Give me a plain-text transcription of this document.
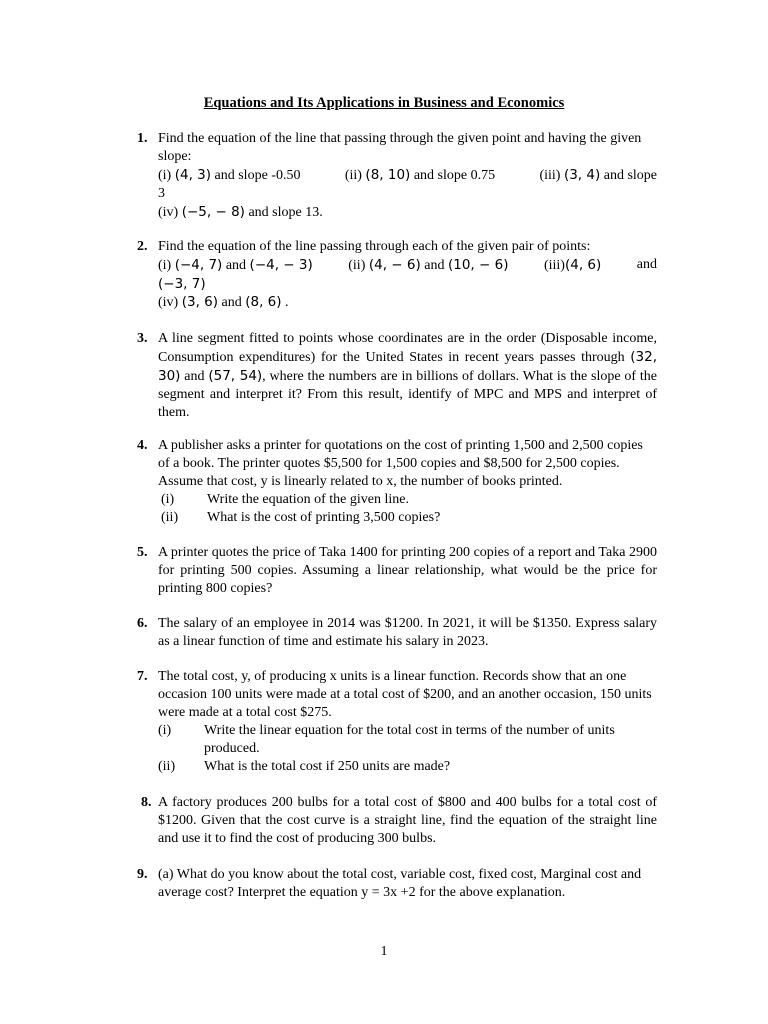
Equations and Its Applications in Business and Economics
1. Find the equation of the line that passing through the given point and having the given slope:
(i) (4, 3) and slope -0.50	(ii) (8, 10) and slope 0.75	(iii) (3, 4) and slope
3
(iv) (−5, − 8) and slope 13.
2. Find the equation of the line passing through each of the given pair of points:
(i) (−4, 7) and (−4, − 3)	(ii) (4, − 6) and (10, − 6)	(iii)(4, 6)	and
(−3, 7)
(iv) (3, 6) and (8, 6) .
3. A line segment fitted to points whose coordinates are in the order (Disposable income, Consumption expenditures) for the United States in recent years passes through (32, 30) and (57, 54), where the numbers are in billions of dollars. What is the slope of the segment and interpret it? From this result, identify of MPC and MPS and interpret of them.
4. A publisher asks a printer for quotations on the cost of printing 1,500 and 2,500 copies of a book. The printer quotes $5,500 for 1,500 copies and $8,500 for 2,500 copies. Assume that cost, y is linearly related to x, the number of books printed.
(i)	Write the equation of the given line.
(ii)	What is the cost of printing 3,500 copies?
5. A printer quotes the price of Taka 1400 for printing 200 copies of a report and Taka 2900 for printing 500 copies. Assuming a linear relationship, what would be the price for printing 800 copies?
6. The salary of an employee in 2014 was $1200. In 2021, it will be $1350. Express salary as a linear function of time and estimate his salary in 2023.
7. The total cost, y, of producing x units is a linear function. Records show that an one occasion 100 units were made at a total cost of $200, and an another occasion, 150 units were made at a total cost $275.
(i)	Write the linear equation for the total cost in terms of the number of units produced.
(ii)	What is the total cost if 250 units are made?
8. A factory produces 200 bulbs for a total cost of $800 and 400 bulbs for a total cost of $1200. Given that the cost curve is a straight line, find the equation of the straight line and use it to find the cost of producing 300 bulbs.
9. (a) What do you know about the total cost, variable cost, fixed cost, Marginal cost and average cost? Interpret the equation y = 3x +2 for the above explanation.
1
